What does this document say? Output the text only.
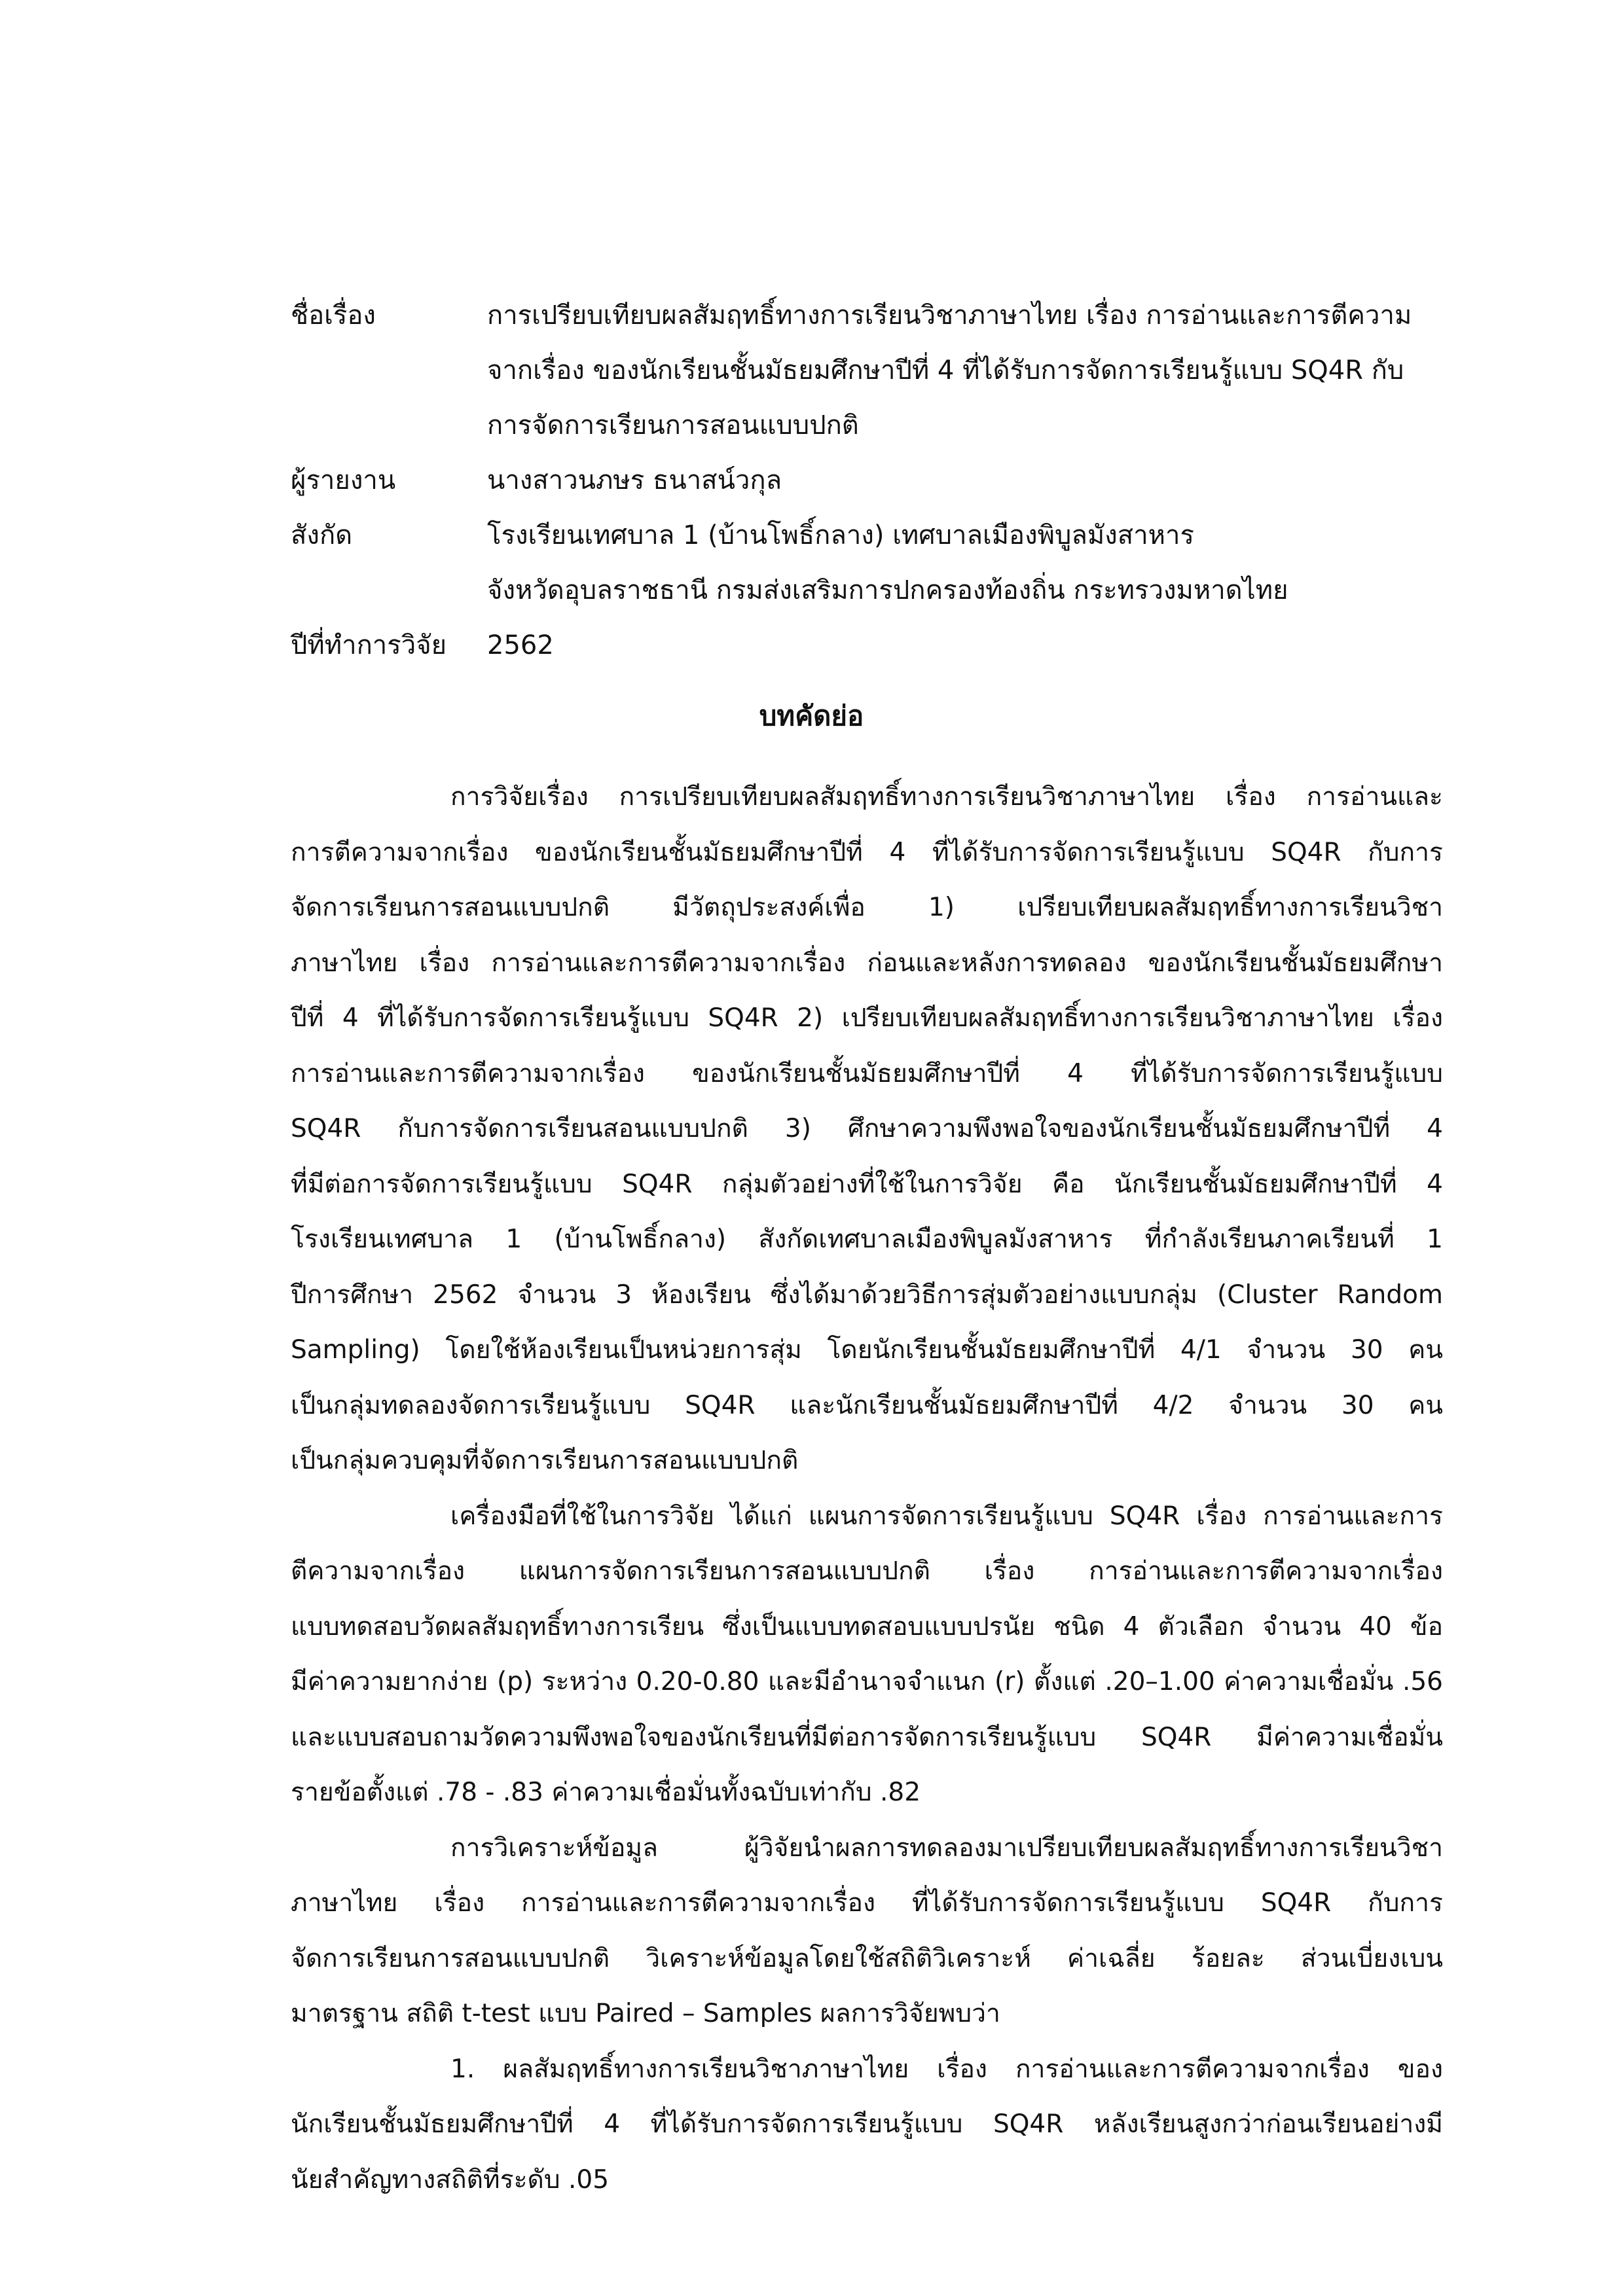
ชื่อเรื่อง	การเปรียบเทียบผลสัมฤทธิ์ทางการเรียนวิชาภาษาไทย เรื่อง การอ่านและการตีความ
จากเรื่อง ของนักเรียนชั้นมัธยมศึกษาปีที่ 4 ที่ได้รับการจัดการเรียนรู้แบบ SQ4R กับ
การจัดการเรียนการสอนแบบปกติ
ผู้รายงาน	นางสาวนภษร ธนาสน์วกุล
สังกัด	โรงเรียนเทศบาล 1 (บ้านโพธิ์กลาง) เทศบาลเมืองพิบูลมังสาหาร
จังหวัดอุบลราชธานี กรมส่งเสริมการปกครองท้องถิ่น กระทรวงมหาดไทย
ปีที่ทำการวิจัย	2562
บทคัดย่อ
การวิจัยเรื่อง การเปรียบเทียบผลสัมฤทธิ์ทางการเรียนวิชาภาษาไทย เรื่อง การอ่านและ
การตีความจากเรื่อง ของนักเรียนชั้นมัธยมศึกษาปีที่ 4 ที่ได้รับการจัดการเรียนรู้แบบ SQ4R กับการ
จัดการเรียนการสอนแบบปกติ มีวัตถุประสงค์เพื่อ 1) เปรียบเทียบผลสัมฤทธิ์ทางการเรียนวิชา
ภาษาไทย เรื่อง การอ่านและการตีความจากเรื่อง ก่อนและหลังการทดลอง ของนักเรียนชั้นมัธยมศึกษา
ปีที่ 4 ที่ได้รับการจัดการเรียนรู้แบบ SQ4R 2) เปรียบเทียบผลสัมฤทธิ์ทางการเรียนวิชาภาษาไทย เรื่อง
การอ่านและการตีความจากเรื่อง ของนักเรียนชั้นมัธยมศึกษาปีที่ 4 ที่ได้รับการจัดการเรียนรู้แบบ
SQ4R กับการจัดการเรียนสอนแบบปกติ 3) ศึกษาความพึงพอใจของนักเรียนชั้นมัธยมศึกษาปีที่ 4
ที่มีต่อการจัดการเรียนรู้แบบ SQ4R กลุ่มตัวอย่างที่ใช้ในการวิจัย คือ นักเรียนชั้นมัธยมศึกษาปีที่ 4
โรงเรียนเทศบาล 1 (บ้านโพธิ์กลาง) สังกัดเทศบาลเมืองพิบูลมังสาหาร ที่กำลังเรียนภาคเรียนที่ 1
ปีการศึกษา 2562 จำนวน 3 ห้องเรียน ซึ่งได้มาด้วยวิธีการสุ่มตัวอย่างแบบกลุ่ม (Cluster Random
Sampling) โดยใช้ห้องเรียนเป็นหน่วยการสุ่ม โดยนักเรียนชั้นมัธยมศึกษาปีที่ 4/1 จำนวน 30 คน
เป็นกลุ่มทดลองจัดการเรียนรู้แบบ SQ4R และนักเรียนชั้นมัธยมศึกษาปีที่ 4/2 จำนวน 30 คน
เป็นกลุ่มควบคุมที่จัดการเรียนการสอนแบบปกติ
เครื่องมือที่ใช้ในการวิจัย ได้แก่ แผนการจัดการเรียนรู้แบบ SQ4R เรื่อง การอ่านและการ
ตีความจากเรื่อง แผนการจัดการเรียนการสอนแบบปกติ เรื่อง การอ่านและการตีความจากเรื่อง
แบบทดสอบวัดผลสัมฤทธิ์ทางการเรียน ซึ่งเป็นแบบทดสอบแบบปรนัย ชนิด 4 ตัวเลือก จำนวน 40 ข้อ
มีค่าความยากง่าย (p) ระหว่าง 0.20-0.80 และมีอำนาจจำแนก (r) ตั้งแต่ .20–1.00 ค่าความเชื่อมั่น .56
และแบบสอบถามวัดความพึงพอใจของนักเรียนที่มีต่อการจัดการเรียนรู้แบบ SQ4R มีค่าความเชื่อมั่น
รายข้อตั้งแต่ .78 - .83 ค่าความเชื่อมั่นทั้งฉบับเท่ากับ .82
การวิเคราะห์ข้อมูล ผู้วิจัยนำผลการทดลองมาเปรียบเทียบผลสัมฤทธิ์ทางการเรียนวิชา
ภาษาไทย เรื่อง การอ่านและการตีความจากเรื่อง ที่ได้รับการจัดการเรียนรู้แบบ SQ4R กับการ
จัดการเรียนการสอนแบบปกติ วิเคราะห์ข้อมูลโดยใช้สถิติวิเคราะห์ ค่าเฉลี่ย ร้อยละ ส่วนเบี่ยงเบน
มาตรฐาน สถิติ t-test แบบ Paired – Samples ผลการวิจัยพบว่า
1. ผลสัมฤทธิ์ทางการเรียนวิชาภาษาไทย เรื่อง การอ่านและการตีความจากเรื่อง ของ
นักเรียนชั้นมัธยมศึกษาปีที่ 4 ที่ได้รับการจัดการเรียนรู้แบบ SQ4R หลังเรียนสูงกว่าก่อนเรียนอย่างมี
นัยสำคัญทางสถิติที่ระดับ .05
